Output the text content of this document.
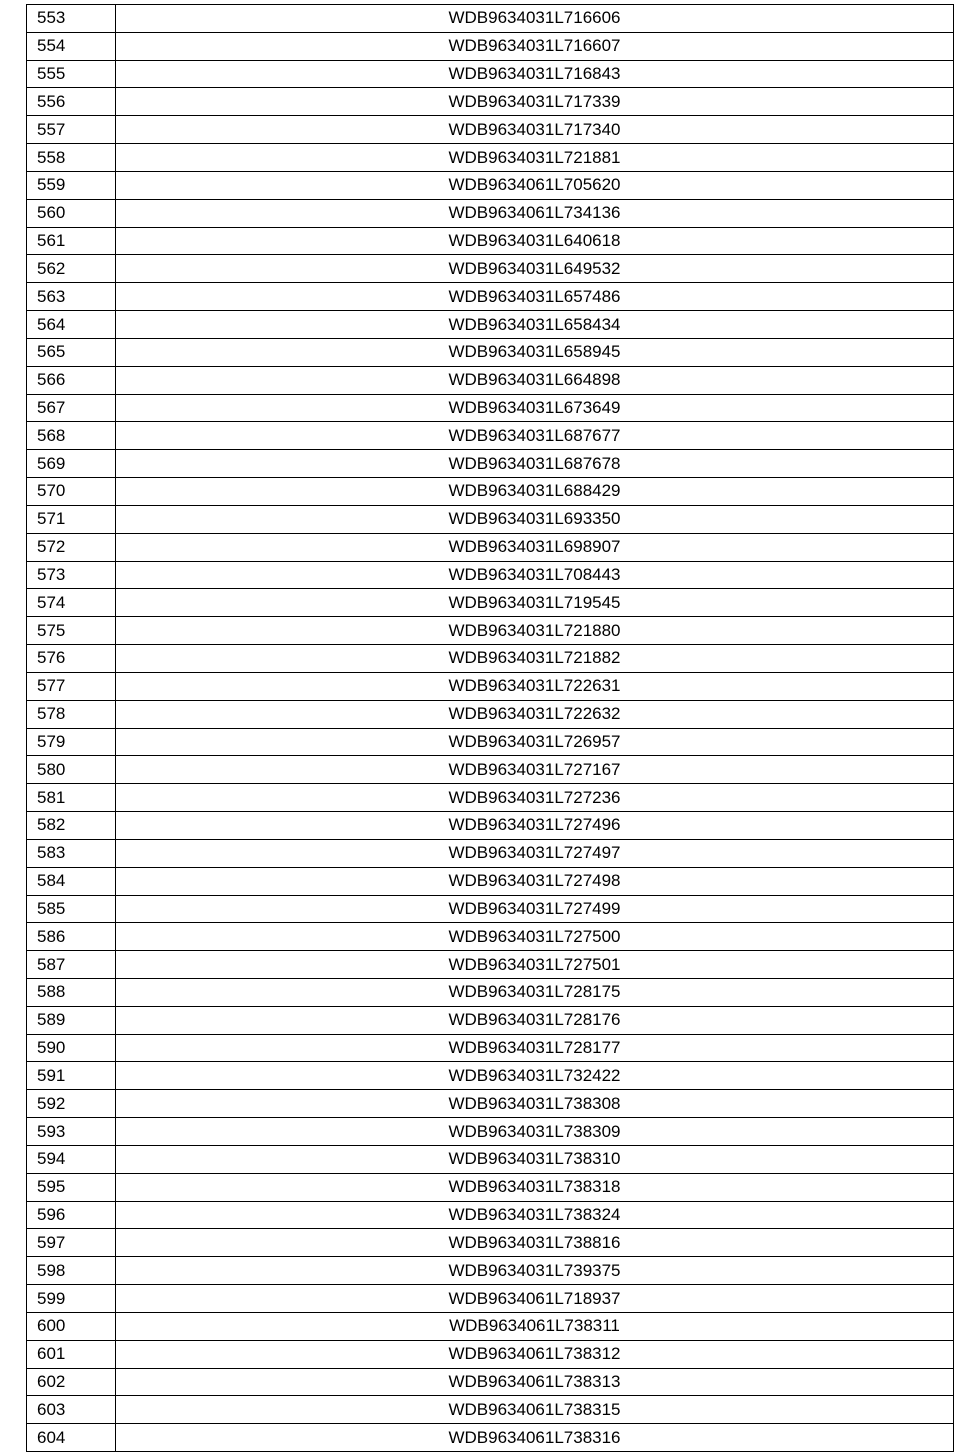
553	WDB9634031L716606
554	WDB9634031L716607
555	WDB9634031L716843
556	WDB9634031L717339
557	WDB9634031L717340
558	WDB9634031L721881
559	WDB9634061L705620
560	WDB9634061L734136
561	WDB9634031L640618
562	WDB9634031L649532
563	WDB9634031L657486
564	WDB9634031L658434
565	WDB9634031L658945
566	WDB9634031L664898
567	WDB9634031L673649
568	WDB9634031L687677
569	WDB9634031L687678
570	WDB9634031L688429
571	WDB9634031L693350
572	WDB9634031L698907
573	WDB9634031L708443
574	WDB9634031L719545
575	WDB9634031L721880
576	WDB9634031L721882
577	WDB9634031L722631
578	WDB9634031L722632
579	WDB9634031L726957
580	WDB9634031L727167
581	WDB9634031L727236
582	WDB9634031L727496
583	WDB9634031L727497
584	WDB9634031L727498
585	WDB9634031L727499
586	WDB9634031L727500
587	WDB9634031L727501
588	WDB9634031L728175
589	WDB9634031L728176
590	WDB9634031L728177
591	WDB9634031L732422
592	WDB9634031L738308
593	WDB9634031L738309
594	WDB9634031L738310
595	WDB9634031L738318
596	WDB9634031L738324
597	WDB9634031L738816
598	WDB9634031L739375
599	WDB9634061L718937
600	WDB9634061L738311
601	WDB9634061L738312
602	WDB9634061L738313
603	WDB9634061L738315
604	WDB9634061L738316
